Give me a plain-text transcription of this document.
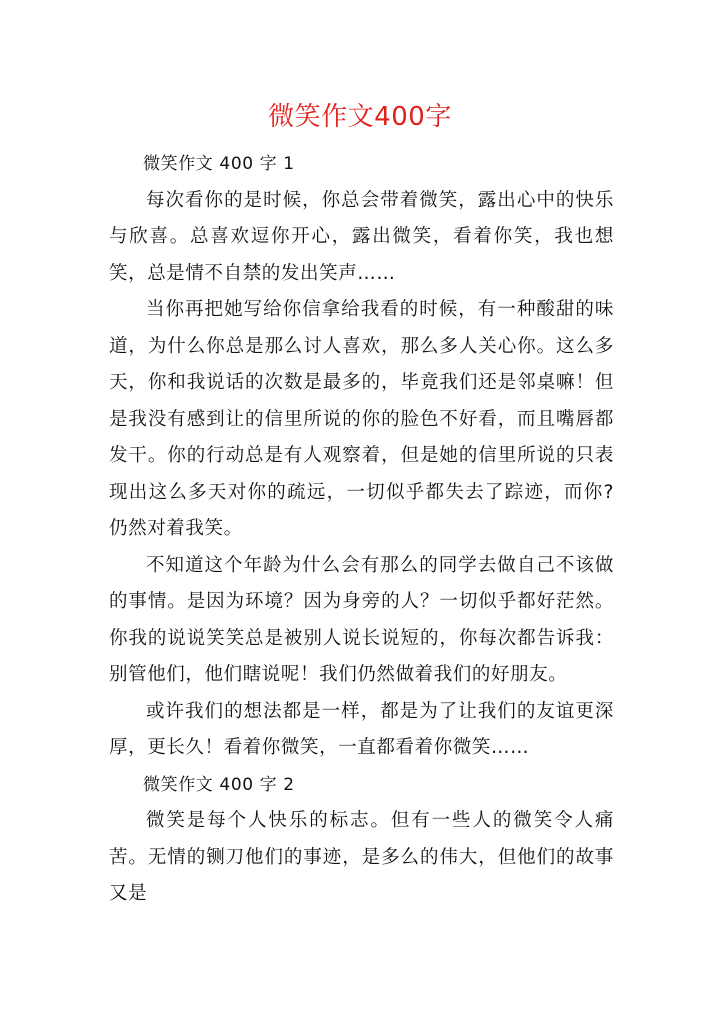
微笑作文400字

微笑作文 400 字 1

每次看你的是时候，你总会带着微笑，露出心中的快乐与欣喜。总喜欢逗你开心，露出微笑，看着你笑，我也想笑，总是情不自禁的发出笑声……

当你再把她写给你信拿给我看的时候，有一种酸甜的味道，为什么你总是那么讨人喜欢，那么多人关心你。这么多天，你和我说话的次数是最多的，毕竟我们还是邻桌嘛！但是我没有感到让的信里所说的你的脸色不好看，而且嘴唇都发干。你的行动总是有人观察着，但是她的信里所说的只表现出这么多天对你的疏远，一切似乎都失去了踪迹，而你?仍然对着我笑。

不知道这个年龄为什么会有那么的同学去做自己不该做的事情。是因为环境？因为身旁的人？一切似乎都好茫然。你我的说说笑笑总是被别人说长说短的，你每次都告诉我：别管他们，他们瞎说呢！我们仍然做着我们的好朋友。

或许我们的想法都是一样，都是为了让我们的友谊更深厚，更长久！看着你微笑，一直都看着你微笑……

微笑作文 400 字 2

微笑是每个人快乐的标志。但有一些人的微笑令人痛苦。无情的铡刀他们的事迹，是多么的伟大，但他们的故事又是
